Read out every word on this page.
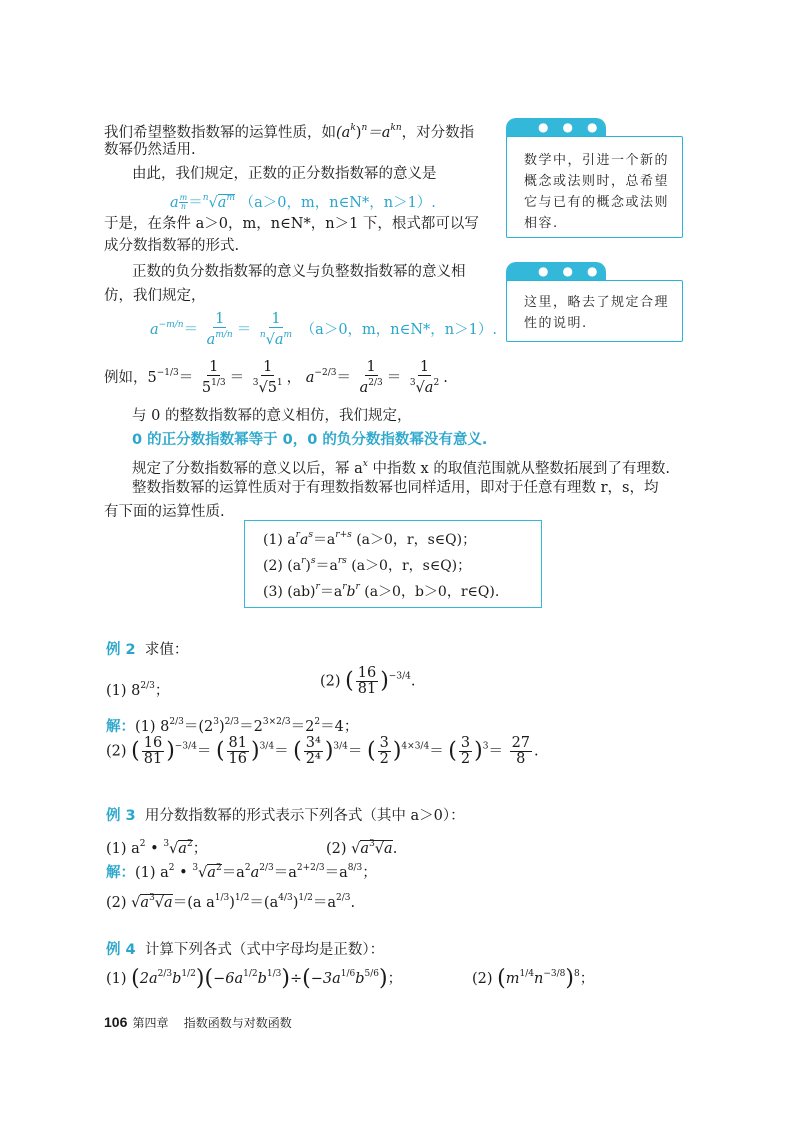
我们希望整数指数幂的运算性质，如$(a^k)^n=a^{kn}$，对分数指
数幂仍然适用.
由此，我们规定，正数的正分数指数幂的意义是
a $\frac{m}{n} =^n√a^m$ （a＞0，m，n∈N*，n＞1）.
于是，在条件 a＞0，m，n∈N*，n＞1 下，根式都可以写
成分数指数幂的形式.
正数的负分数指数幂的意义与负整数指数幂的意义相
仿，我们规定，
$a^{-m/n}= \frac{1}{a^{m/n}} = \frac{1}{^n√a^m} (a>0$，m，n∈N*，n＞1）.
例如，$5^{-1/3}= \frac{1}{5^{1/3}} = \frac{1}{^3√5^1}$ ， $a^{-2/3}= \frac{1}{a^{2/3}} = \frac{1}{^3√a^2}$ .
与 0 的整数指数幂的意义相仿，我们规定，
0 的正分数指数幂等于 0，0 的负分数指数幂没有意义.
规定了分数指数幂的意义以后，幂 $a^x$ 中指数 x 的取值范围就从整数拓展到了有理数.
整数指数幂的运算性质对于有理数指数幂也同样适用，即对于任意有理数 r，s，均
有下面的运算性质.
(1) $a^ra^s=a^{r+s}$ (a＞0，r，s∈Q)；
(2) $(a^r)^s=a^{rs}$ (a＞0，r，s∈Q)；
(3) $(ab)^r=a^rb^r$ (a＞0，b＞0，r∈Q).
例 2 求值：
(1) $8^{2/3}$；
(2) ( $\frac{16}{81} )^{-3/4}$.
解：(1) $8^{2/3}=(2^3)^{2/3}=2^{3\times 2/3}=2^2=4$；
(2) ( $\frac{16}{81} )^{-3/4}=$ ( $\frac{81}{16} )^{3/4}=$ ( $\frac{\text{3⁴}}{\text{2⁴}} )^{3/4}=$ ( $\frac{3}{2} )^{4\times 3/4}=$ ( $\frac{3}{2} )^3= \frac{27}{8}$ .
例 3 用分数指数幂的形式表示下列各式（其中 a＞0）：
(1) $a^2$ • $^3√a^2$；	(2) $√a^3√a$.
解：(1) $a^2$ • $^3√a^2=a^2a^{2/3}=a^{2+2/3}=a^{8/3}$；
(2) $√a^3√a=(a$ $a^{1/3})^{1/2}=(a^{4/3})^{1/2}=a^{2/3}$.
例 4 计算下列各式（式中字母均是正数）：
(1) $(2a^{2/3}b^{1/2})(-6a^{1/2}b^{1/3})\div(-3a^{1/6}b^{5/6})$；	(2) $(m^{1/4}n^{-3/8})^8$；
●●●
数学中，引进一个新的概念或法则时，总希望它与已有的概念或法则相容.
●●●
这里，略去了规定合理性的说明.
106 第四章 指数函数与对数函数
